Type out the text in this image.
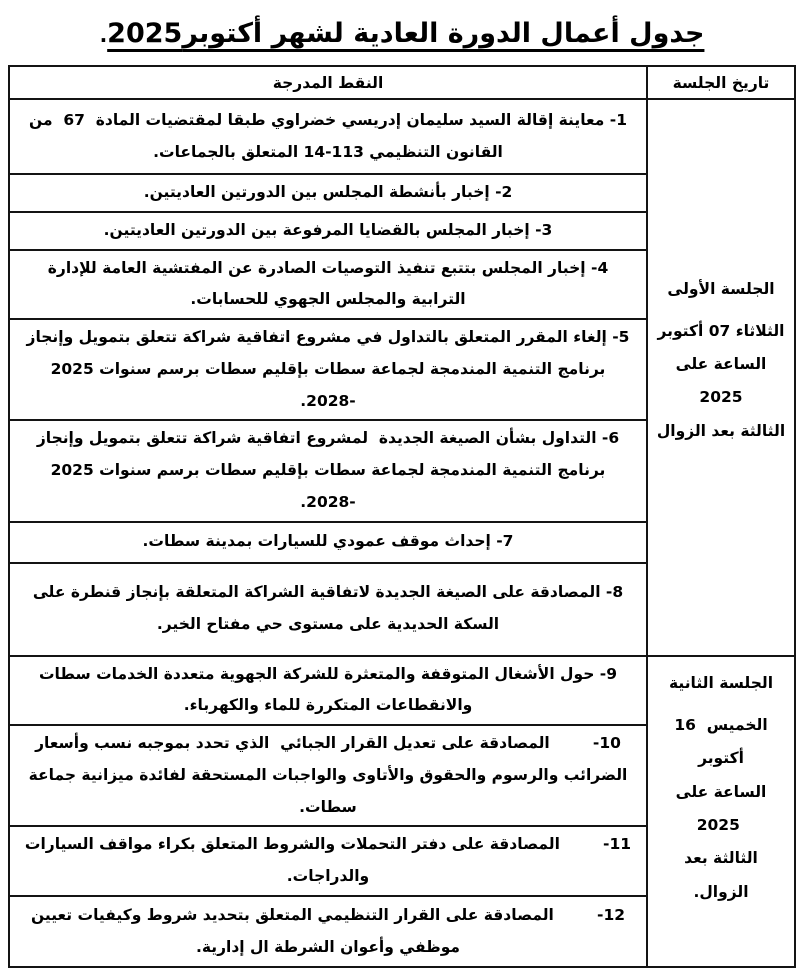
جدول أعمال الدورة العادية لشهر أكتوبر2025.
تاريخ الجلسة
النقط المدرجة
الجلسة الأولى
الثلاثاء 07 أكتوبر
الساعة على 2025
الثالثة بعد الزوال
1- معاينة إقالة السيد سليمان إدريسي خضراوي طبقا لمقتضيات المادة  67  من القانون التنظيمي 113-14 المتعلق بالجماعات.
2- إخبار بأنشطة المجلس بين الدورتين العاديتين.
3- إخبار المجلس بالقضايا المرفوعة بين الدورتين العاديتين.
4- إخبار المجلس بتتبع تنفيذ التوصيات الصادرة عن المفتشية العامة للإدارة الترابية والمجلس الجهوي للحسابات.
5- إلغاء المقرر المتعلق بالتداول في مشروع اتفاقية شراكة تتعلق بتمويل وإنجاز برنامج التنمية المندمجة لجماعة سطات بإقليم سطات برسم سنوات 2025 -2028.
6- التداول بشأن الصيغة الجديدة  لمشروع اتفاقية شراكة تتعلق بتمويل وإنجاز برنامج التنمية المندمجة لجماعة سطات بإقليم سطات برسم سنوات 2025 -2028.
7- إحداث موقف عمودي للسيارات بمدينة سطات.
8- المصادقة على الصيغة الجديدة لاتفاقية الشراكة المتعلقة بإنجاز قنطرة على السكة الحديدية على مستوى حي مفتاح الخير.
الجلسة الثانية
الخميس  16 أكتوبر
الساعة على  2025
الثالثة بعد الزوال.
9- حول الأشغال المتوقفة والمتعثرة للشركة الجهوية متعددة الخدمات سطات والانقطاعات المتكررة للماء والكهرباء.
10-        المصادقة على تعديل القرار الجبائي  الذي تحدد بموجبه نسب وأسعار الضرائب والرسوم والحقوق والأتاوى والواجبات المستحقة لفائدة ميزانية جماعة سطات.
11-        المصادقة على دفتر التحملات والشروط المتعلق بكراء مواقف السيارات والدراجات.
12-        المصادقة على القرار التنظيمي المتعلق بتحديد شروط وكيفيات تعيين موظفي وأعوان الشرطة ال إدارية.
